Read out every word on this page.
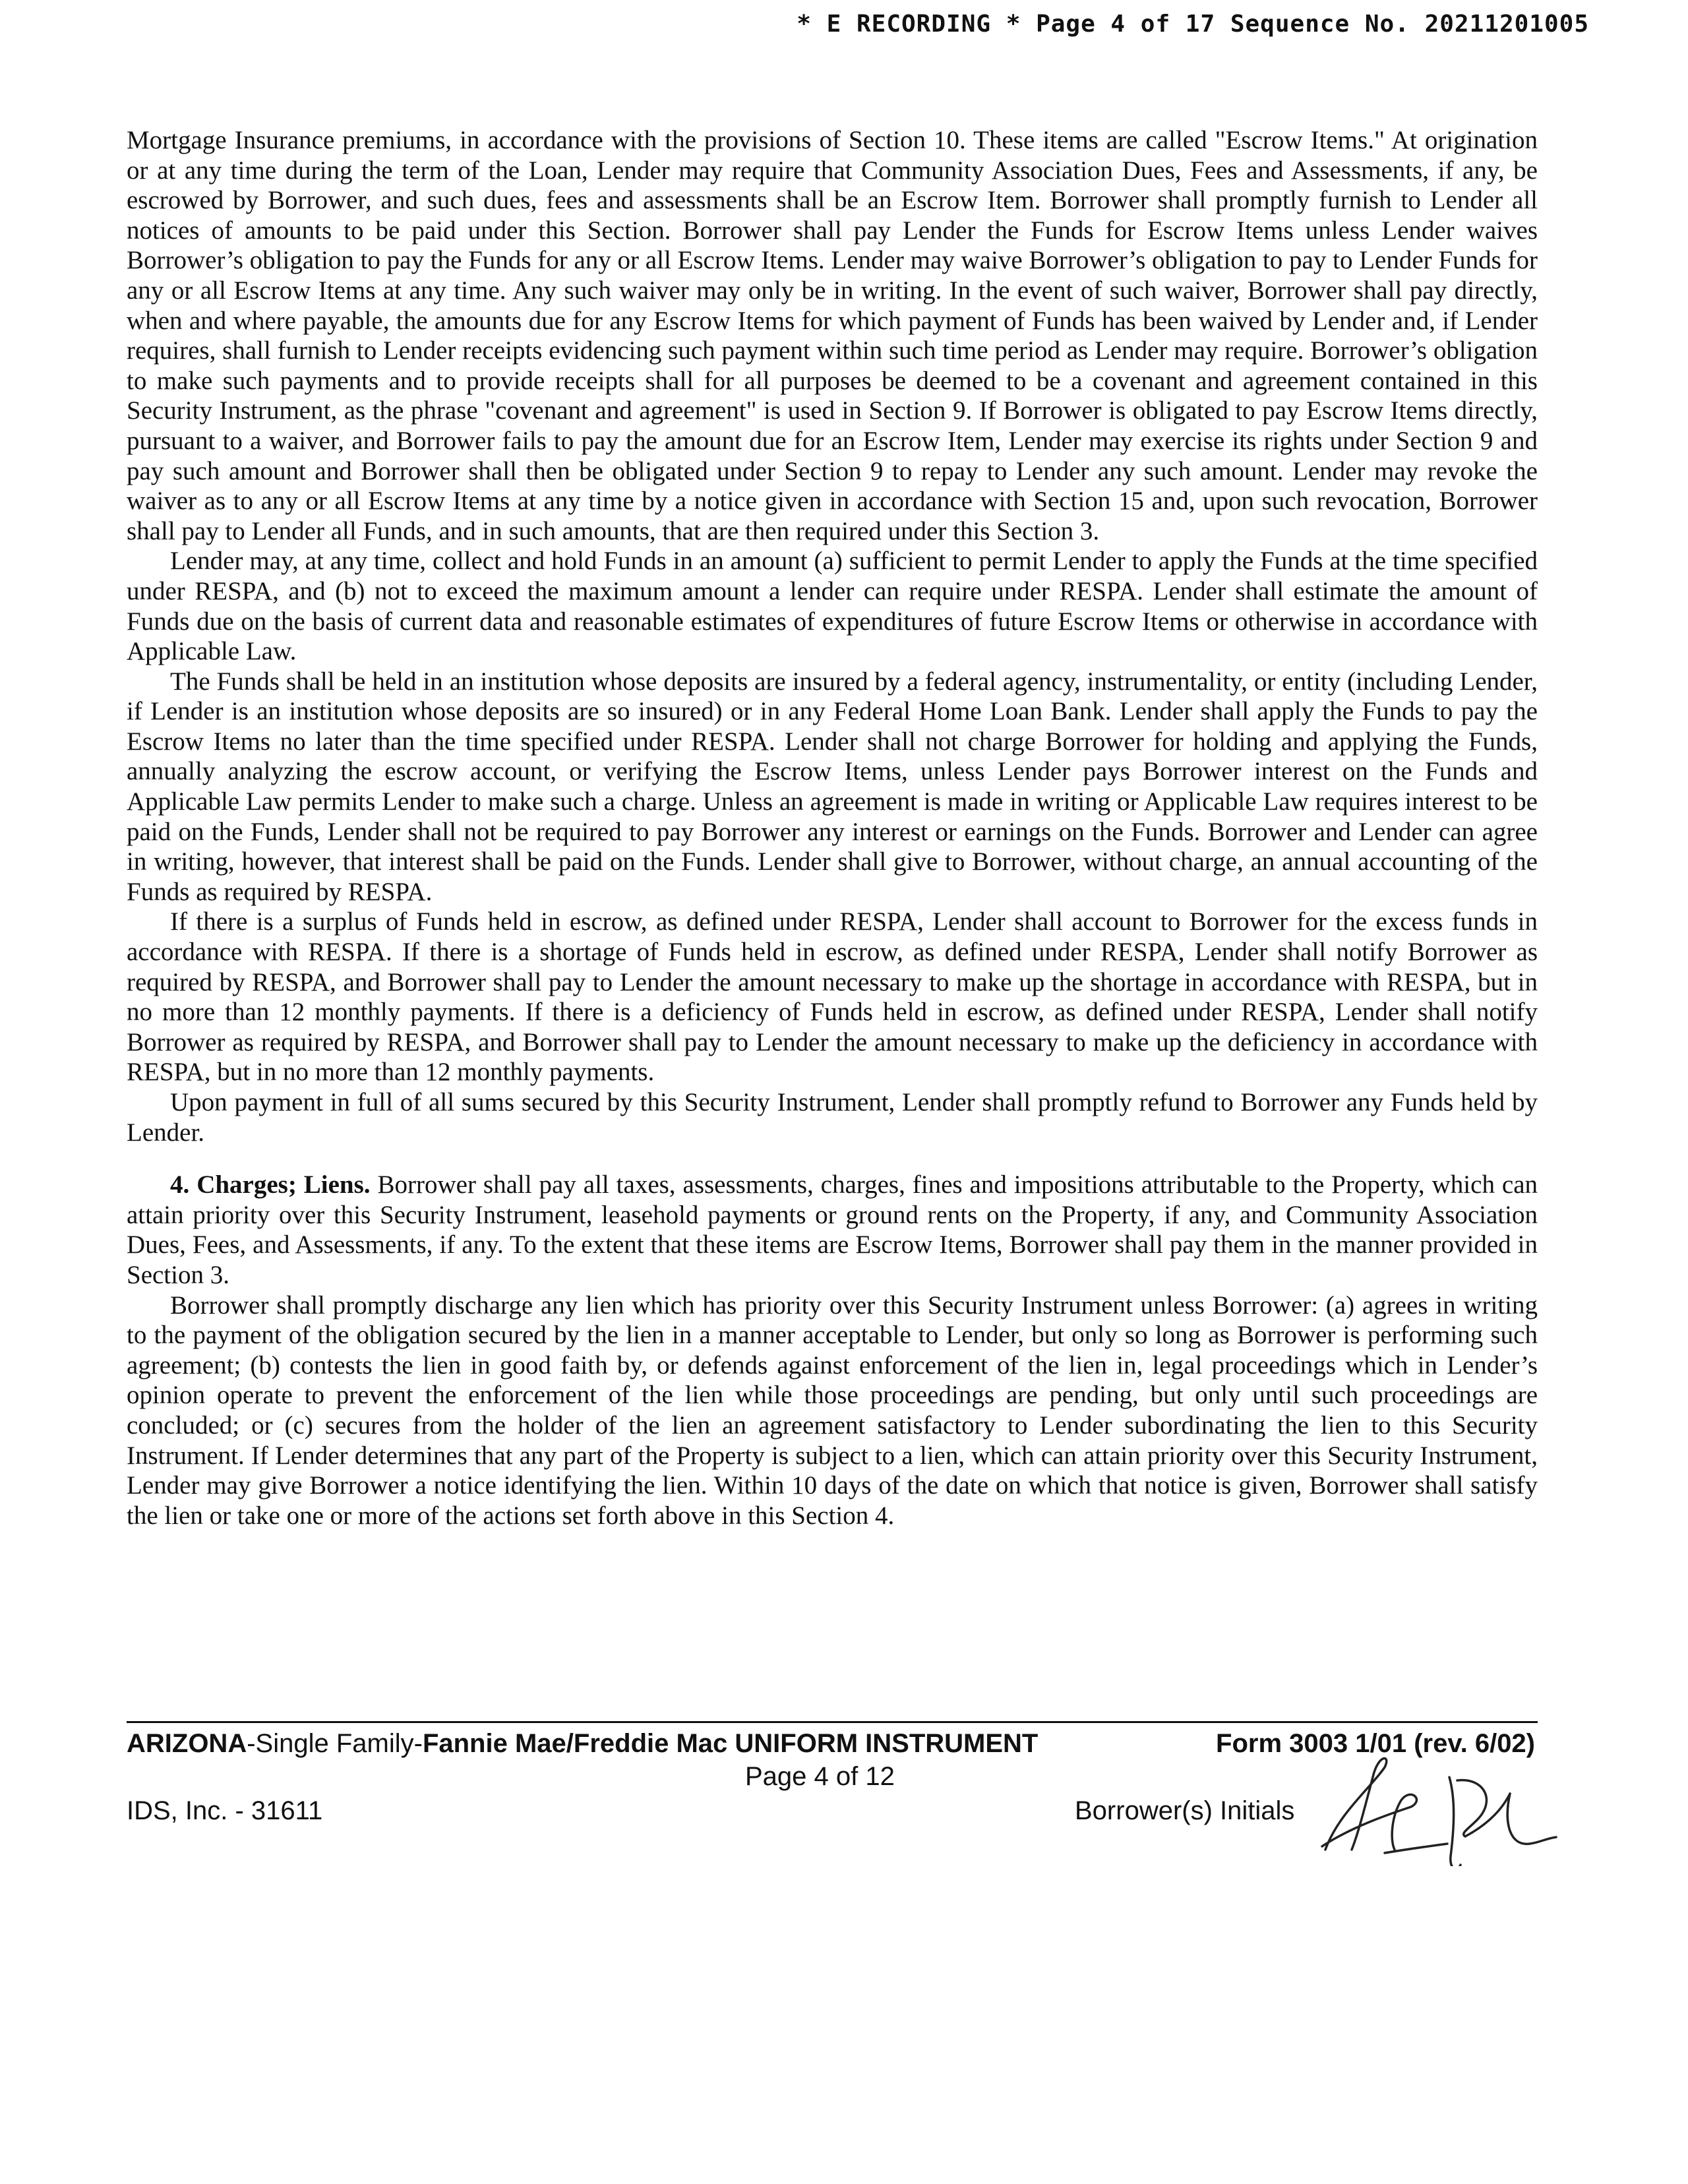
* E RECORDING * Page 4 of 17 Sequence No. 20211201005

Mortgage Insurance premiums, in accordance with the provisions of Section 10. These items are called "Escrow Items." At origination or at any time during the term of the Loan, Lender may require that Community Association Dues, Fees and Assessments, if any, be escrowed by Borrower, and such dues, fees and assessments shall be an Escrow Item. Borrower shall promptly furnish to Lender all notices of amounts to be paid under this Section. Borrower shall pay Lender the Funds for Escrow Items unless Lender waives Borrower’s obligation to pay the Funds for any or all Escrow Items. Lender may waive Borrower’s obligation to pay to Lender Funds for any or all Escrow Items at any time. Any such waiver may only be in writing. In the event of such waiver, Borrower shall pay directly, when and where payable, the amounts due for any Escrow Items for which payment of Funds has been waived by Lender and, if Lender requires, shall furnish to Lender receipts evidencing such payment within such time period as Lender may require. Borrower’s obligation to make such payments and to provide receipts shall for all purposes be deemed to be a covenant and agreement contained in this Security Instrument, as the phrase "covenant and agreement" is used in Section 9. If Borrower is obligated to pay Escrow Items directly, pursuant to a waiver, and Borrower fails to pay the amount due for an Escrow Item, Lender may exercise its rights under Section 9 and pay such amount and Borrower shall then be obligated under Section 9 to repay to Lender any such amount. Lender may revoke the waiver as to any or all Escrow Items at any time by a notice given in accordance with Section 15 and, upon such revocation, Borrower shall pay to Lender all Funds, and in such amounts, that are then required under this Section 3.

Lender may, at any time, collect and hold Funds in an amount (a) sufficient to permit Lender to apply the Funds at the time specified under RESPA, and (b) not to exceed the maximum amount a lender can require under RESPA. Lender shall estimate the amount of Funds due on the basis of current data and reasonable estimates of expenditures of future Escrow Items or otherwise in accordance with Applicable Law.

The Funds shall be held in an institution whose deposits are insured by a federal agency, instrumentality, or entity (including Lender, if Lender is an institution whose deposits are so insured) or in any Federal Home Loan Bank. Lender shall apply the Funds to pay the Escrow Items no later than the time specified under RESPA. Lender shall not charge Borrower for holding and applying the Funds, annually analyzing the escrow account, or verifying the Escrow Items, unless Lender pays Borrower interest on the Funds and Applicable Law permits Lender to make such a charge. Unless an agreement is made in writing or Applicable Law requires interest to be paid on the Funds, Lender shall not be required to pay Borrower any interest or earnings on the Funds. Borrower and Lender can agree in writing, however, that interest shall be paid on the Funds. Lender shall give to Borrower, without charge, an annual accounting of the Funds as required by RESPA.

If there is a surplus of Funds held in escrow, as defined under RESPA, Lender shall account to Borrower for the excess funds in accordance with RESPA. If there is a shortage of Funds held in escrow, as defined under RESPA, Lender shall notify Borrower as required by RESPA, and Borrower shall pay to Lender the amount necessary to make up the shortage in accordance with RESPA, but in no more than 12 monthly payments. If there is a deficiency of Funds held in escrow, as defined under RESPA, Lender shall notify Borrower as required by RESPA, and Borrower shall pay to Lender the amount necessary to make up the deficiency in accordance with RESPA, but in no more than 12 monthly payments.

Upon payment in full of all sums secured by this Security Instrument, Lender shall promptly refund to Borrower any Funds held by Lender.

4. Charges; Liens. Borrower shall pay all taxes, assessments, charges, fines and impositions attributable to the Property, which can attain priority over this Security Instrument, leasehold payments or ground rents on the Property, if any, and Community Association Dues, Fees, and Assessments, if any. To the extent that these items are Escrow Items, Borrower shall pay them in the manner provided in Section 3.

Borrower shall promptly discharge any lien which has priority over this Security Instrument unless Borrower: (a) agrees in writing to the payment of the obligation secured by the lien in a manner acceptable to Lender, but only so long as Borrower is performing such agreement; (b) contests the lien in good faith by, or defends against enforcement of the lien in, legal proceedings which in Lender’s opinion operate to prevent the enforcement of the lien while those proceedings are pending, but only until such proceedings are concluded; or (c) secures from the holder of the lien an agreement satisfactory to Lender subordinating the lien to this Security Instrument. If Lender determines that any part of the Property is subject to a lien, which can attain priority over this Security Instrument, Lender may give Borrower a notice identifying the lien. Within 10 days of the date on which that notice is given, Borrower shall satisfy the lien or take one or more of the actions set forth above in this Section 4.

ARIZONA-Single Family-Fannie Mae/Freddie Mac UNIFORM INSTRUMENT	Form 3003 1/01 (rev. 6/02)
Page 4 of 12
IDS, Inc. - 31611	Borrower(s) Initials
